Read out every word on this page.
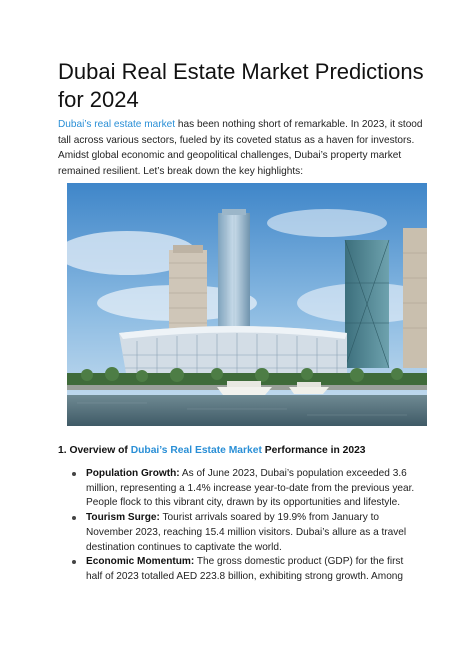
Dubai Real Estate Market Predictions for 2024

Dubai’s real estate market has been nothing short of remarkable. In 2023, it stood tall across various sectors, fueled by its coveted status as a haven for investors. Amidst global economic and geopolitical challenges, Dubai’s property market remained resilient. Let’s break down the key highlights:

1. Overview of Dubai’s Real Estate Market Performance in 2023

Population Growth: As of June 2023, Dubai’s population exceeded 3.6 million, representing a 1.4% increase year-to-date from the previous year. People flock to this vibrant city, drawn by its opportunities and lifestyle.
Tourism Surge: Tourist arrivals soared by 19.9% from January to November 2023, reaching 15.4 million visitors. Dubai’s allure as a travel destination continues to captivate the world.
Economic Momentum: The gross domestic product (GDP) for the first half of 2023 totalled AED 223.8 billion, exhibiting strong growth. Among
